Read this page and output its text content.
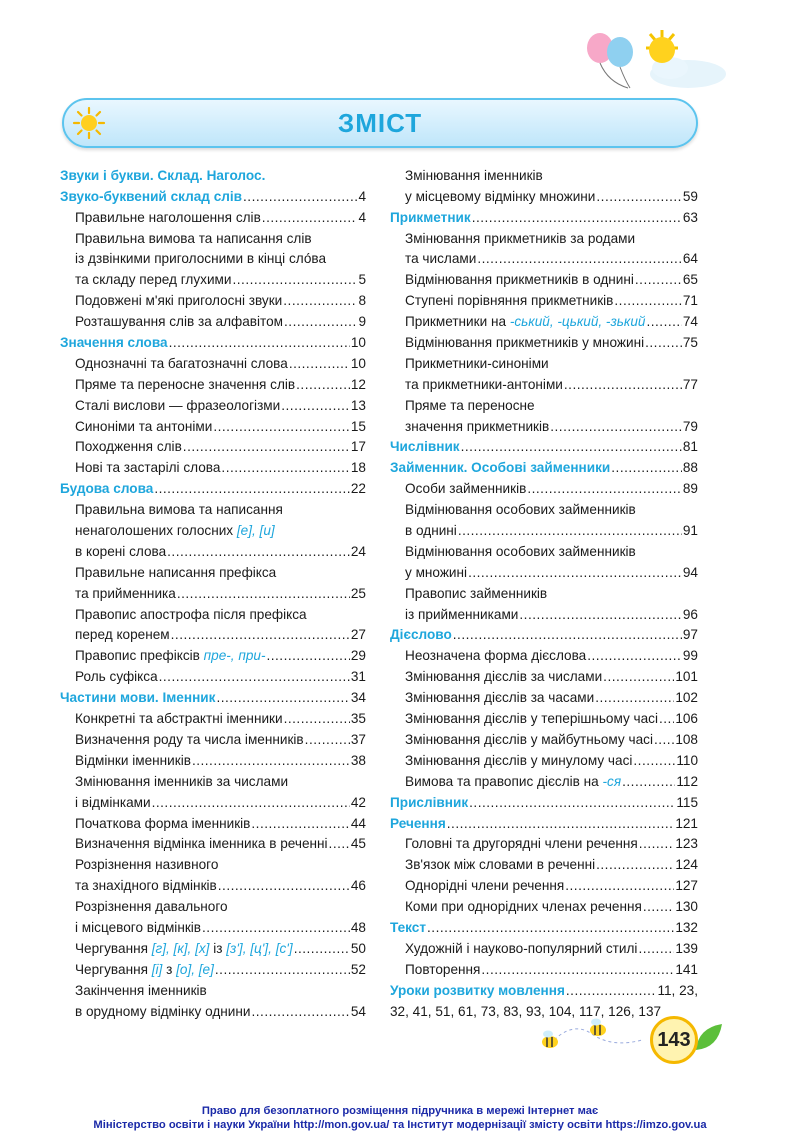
ЗМІСТ
Звуки і букви. Склад. Наголос.
Звуко-буквений склад слів .....	4
Правильне наголошення слів .....	4
Правильна вимова та написання слів
із дзвінкими приголосними в кінці сло́ва
та складу перед глухими .....	5
Подовжені м'які приголосні звуки .....	8
Розташування слів за алфавітом .....	9
Значення слова .....	10
Однозначні та багатозначні слова .....	10
Пряме та переносне значення слів .....	12
Сталі вислови — фразеологізми .....	13
Синоніми та антоніми .....	15
Походження слів .....	17
Нові та застарілі слова .....	18
Будова слова .....	22
Правильна вимова та написання
ненаголошених голосних [е], [и]
в корені слова .....	24
Правильне написання префікса
та прийменника .....	25
Правопис апострофа після префікса
перед коренем .....	27
Правопис префіксів пре-, при- .....	29
Роль суфікса .....	31
Частини мови. Іменник .....	34
Конкретні та абстрактні іменники .....	35
Визначення роду та числа іменників .....	37
Відмінки іменників .....	38
Змінювання іменників за числами
і відмінками .....	42
Початкова форма іменників .....	44
Визначення відмінка іменника в реченні ..... 45
Розрізнення називного
та знахідного відмінків .....	46
Розрізнення давального
і місцевого відмінків .....	48
Чергування [г], [к], [х] із [з'], [ц'], [с'] .....	50
Чергування [і] з [о], [е] .....	52
Закінчення іменників
в орудному відмінку однини .....	54
Змінювання іменників
у місцевому відмінку множини .....	59
Прикметник .....	63
Змінювання прикметників за родами
та числами .....	64
Відмінювання прикметників в однині .....	65
Ступені порівняння прикметників .....	71
Прикметники на -ський, -цький, -зький .....	74
Відмінювання прикметників у множині .....	75
Прикметники-синоніми
та прикметники-антоніми .....	77
Пряме та переносне
значення прикметників .....	79
Числівник .....	81
Займенник. Особові займенники .....	88
Особи займенників .....	89
Відмінювання особових займенників
в однині .....	91
Відмінювання особових займенників
у множині .....	94
Правопис займенників
із прийменниками .....	96
Дієслово .....	97
Неозначена форма дієслова .....	99
Змінювання дієслів за числами .....	101
Змінювання дієслів за часами .....	102
Змінювання дієслів у теперішньому часі ..... 106
Змінювання дієслів у майбутньому часі ..... 108
Змінювання дієслів у минулому часі .....	110
Вимова та правопис дієслів на -ся .....	112
Прислівник .....	115
Речення .....	121
Головні та другорядні члени речення .....	123
Зв'язок між словами в реченні .....	124
Однорідні члени речення .....	127
Коми при однорідних членах речення ..... 130
Текст .....	132
Художній і науково-популярний стилі .....	139
Повторення .....	141
Уроки розвитку мовлення .....	11, 23,
32, 41, 51, 61, 73, 83, 93, 104, 117, 126, 137
143
Право для безоплатного розміщення підручника в мережі Інтернет має
Міністерство освіти і науки України http://mon.gov.ua/ та Інститут модернізації змісту освіти https://imzo.gov.ua
